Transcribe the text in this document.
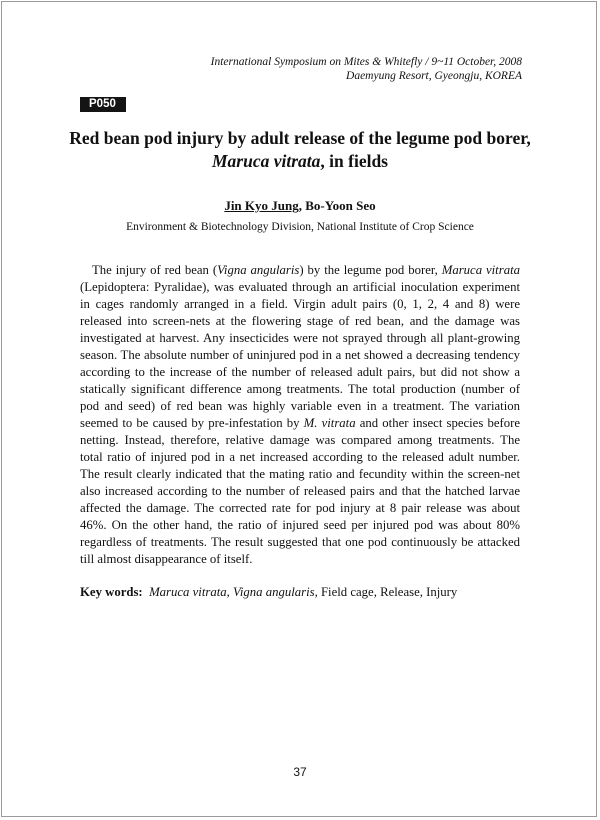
International Symposium on Mites & Whitefly / 9~11 October, 2008
Daemyung Resort, Gyeongju, KOREA
P050
Red bean pod injury by adult release of the legume pod borer,
Maruca vitrata, in fields
Jin Kyo Jung, Bo-Yoon Seo
Environment & Biotechnology Division, National Institute of Crop Science

The injury of red bean (Vigna angularis) by the legume pod borer, Maruca vitrata (Lepidoptera: Pyralidae), was evaluated through an artificial inoculation experiment in cages randomly arranged in a field. Virgin adult pairs (0, 1, 2, 4 and 8) were released into screen-nets at the flowering stage of red bean, and the damage was investigated at harvest. Any insecticides were not sprayed through all plant-growing season. The absolute number of uninjured pod in a net showed a decreasing tendency according to the increase of the number of released adult pairs, but did not show a statically significant difference among treatments. The total production (number of pod and seed) of red bean was highly variable even in a treatment. The variation seemed to be caused by pre-infestation by M. vitrata and other insect species before netting. Instead, therefore, relative damage was compared among treatments. The total ratio of injured pod in a net increased according to the released adult number. The result clearly indicated that the mating ratio and fecundity within the screen-net also increased according to the number of released pairs and that the hatched larvae affected the damage. The corrected rate for pod injury at 8 pair release was about 46%. On the other hand, the ratio of injured seed per injured pod was about 80% regardless of treatments. The result suggested that one pod continuously be attacked till almost disappearance of itself.

Key words: Maruca vitrata, Vigna angularis, Field cage, Release, Injury

37
